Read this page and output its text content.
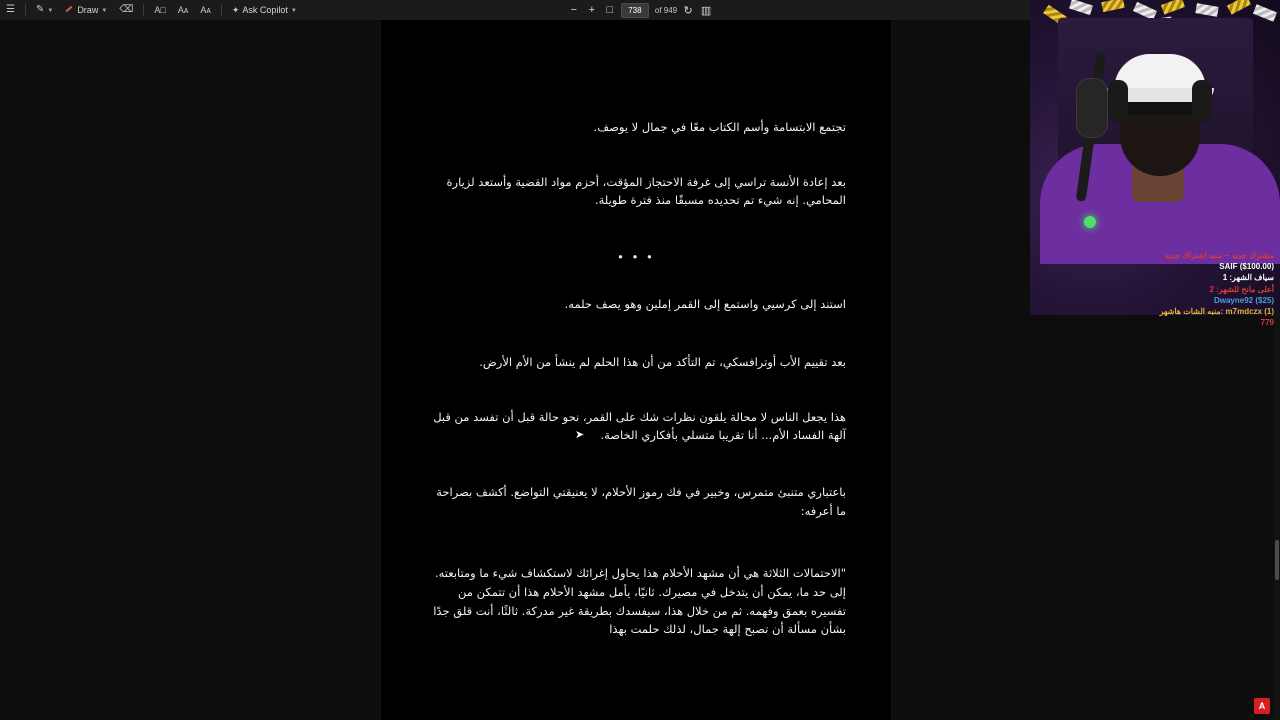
☰ ✎ ▼	Draw ▼ ⌫ A□ Aᴀ Aᴀ ✦ Ask Copilot ▼	− + □ 738 of 949 ↻ ▥

تجتمع الابتسامة وأسم الكتاب معًا في جمال لا يوصف.

بعد إعادة الأنسة تراسي إلى غرفة الاحتجاز المؤقت، أحزم مواد القضية وأستعد لزيارة المحامي. إنه شيء تم تحديده مسبقًا منذ فترة طويلة.

• • •

استند إلى كرسيي واستمع إلى القمر إملين وهو يصف حلمه.

بعد تقييم الأب أوترافسكي، تم التأكد من أن هذا الحلم لم ينشأ من الأم الأرض.

هذا يجعل الناس لا محالة يلقون نظرات شك على القمر، نحو حالة قبل أن تفسد من قبل آلهة الفساد الأم... أنا تقريبا متسلي بأفكاري الخاصة.

باعتباري متنبئ متمرس، وخبير في فك رموز الأحلام، لا يعنيقتي التواضع. أكشف بصراحة ما أعرفه:

"الاحتمالات الثلاثة هي أن مشهد الأحلام هذا يحاول إغرائك لاستكشاف شيء ما ومتابعته. إلى حد ما، يمكن أن يتدخل في مصيرك. ثانيًا، يأمل مشهد الأحلام هذا أن تتمكن من تفسيره بعمق وفهمه. ثم من خلال هذا، سيفسدك بطريقة غير مدركة. ثالثًا، أنت قلق جدًا بشأن مسألة أن تصبح إلهة جمال، لذلك حلمت بهذا

➤
مشترك جديد – منبه اشتراك جديد
SAIF ($100.00)
سياف الشهر: 1
أعلى مانح للشهر: 2
Dwayne92 ($25)
m7mdczx (1) :منبه الشات هاشهر
779
A
